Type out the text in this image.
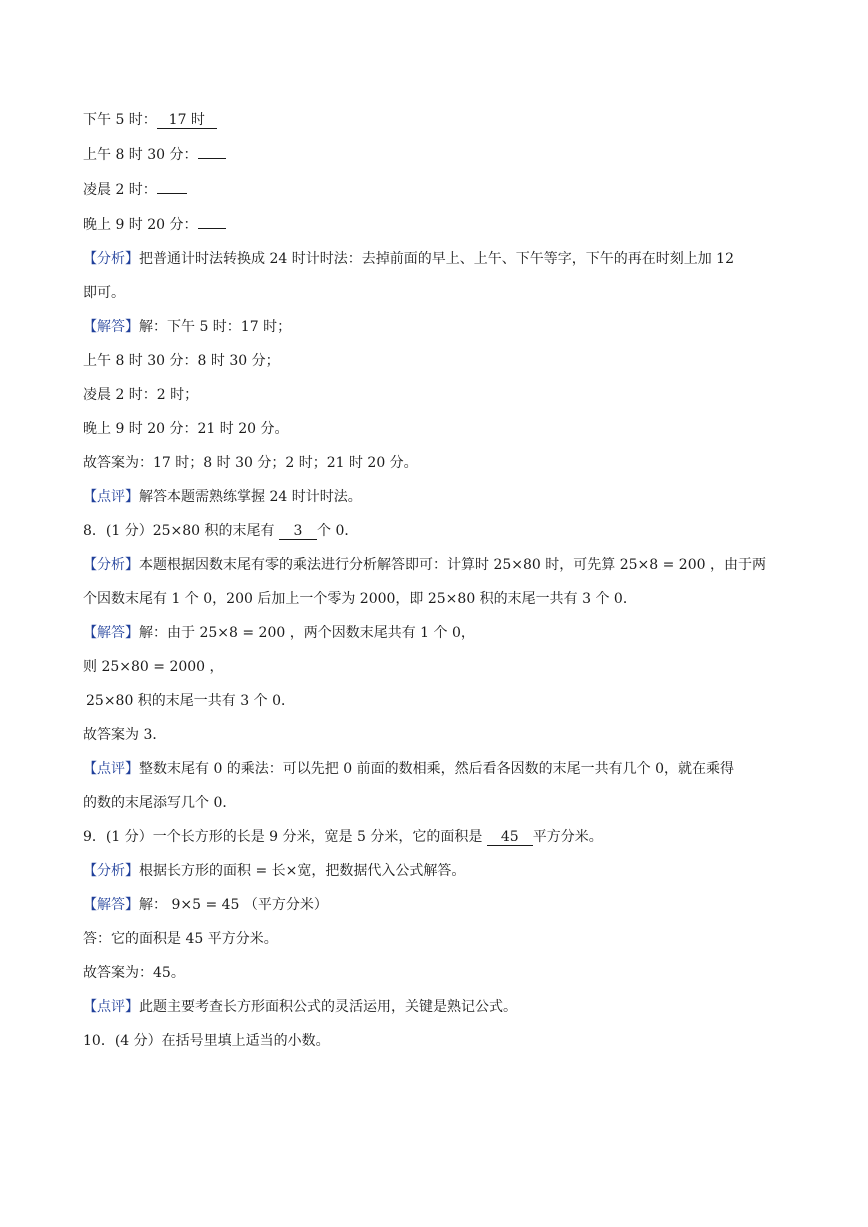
下午 5 时： 17 时
上午 8 时 30 分：
凌晨 2 时：
晚上 9 时 20 分：
【分析】把普通计时法转换成 24 时计时法：去掉前面的早上、上午、下午等字，下午的再在时刻上加 12
即可。
【解答】解：下午 5 时：17 时；
上午 8 时 30 分：8 时 30 分；
凌晨 2 时：2 时；
晚上 9 时 20 分：21 时 20 分。
故答案为：17 时；8 时 30 分；2 时；21 时 20 分。
【点评】解答本题需熟练掌握 24 时计时法。
8．(1 分）25×80 积的末尾有 3 个 0．
【分析】本题根据因数末尾有零的乘法进行分析解答即可：计算时 25×80 时，可先算 25×8 = 200 ，由于两
个因数末尾有 1 个 0，200 后加上一个零为 2000，即 25×80 积的末尾一共有 3 个 0．
【解答】解：由于 25×8 = 200 ，两个因数末尾共有 1 个 0，
则 25×80 = 2000 ，
25×80 积的末尾一共有 3 个 0．
故答案为 3．
【点评】整数末尾有 0 的乘法：可以先把 0 前面的数相乘，然后看各因数的末尾一共有几个 0，就在乘得
的数的末尾添写几个 0．
9．(1 分）一个长方形的长是 9 分米，宽是 5 分米，它的面积是 45 平方分米。
【分析】根据长方形的面积 = 长×宽，把数据代入公式解答。
【解答】解： 9×5 = 45 （平方分米）
答：它的面积是 45 平方分米。
故答案为：45。
【点评】此题主要考查长方形面积公式的灵活运用，关键是熟记公式。
10．(4 分）在括号里填上适当的小数。
